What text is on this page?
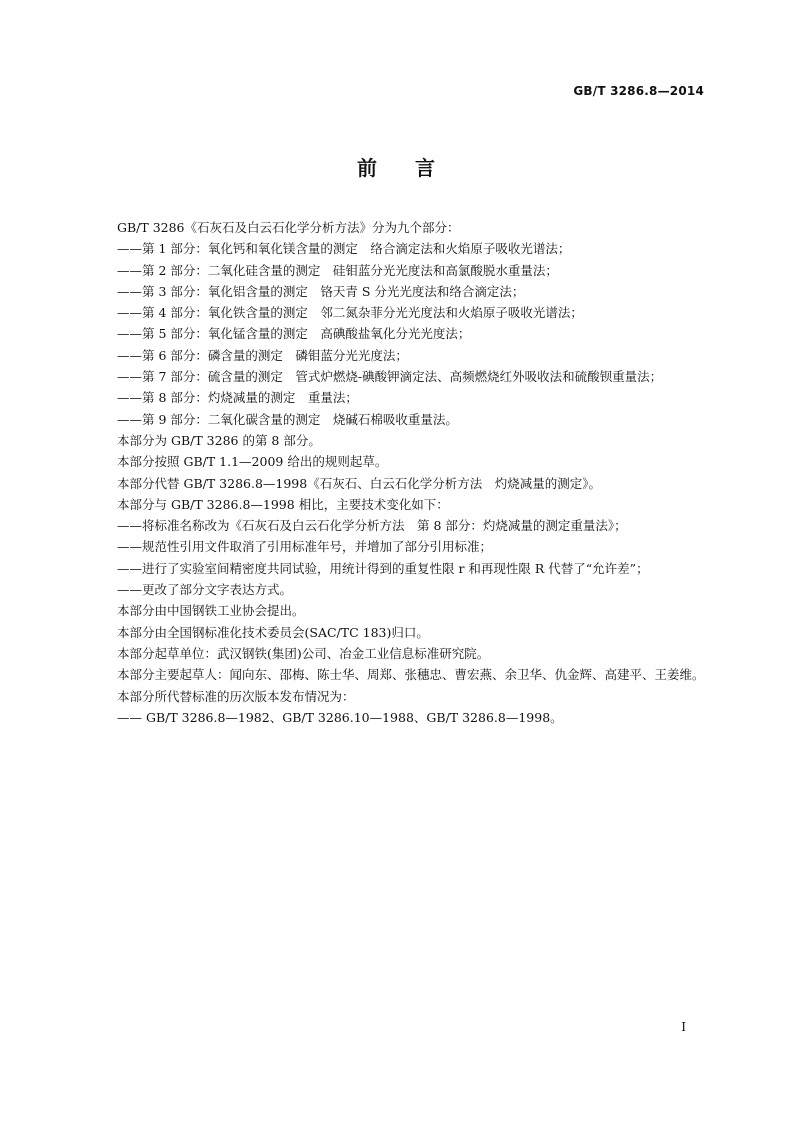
GB/T 3286.8—2014
前 言
GB/T 3286《石灰石及白云石化学分析方法》分为九个部分：
——第 1 部分：氧化钙和氧化镁含量的测定　络合滴定法和火焰原子吸收光谱法；
——第 2 部分：二氧化硅含量的测定　硅钼蓝分光光度法和高氯酸脱水重量法；
——第 3 部分：氧化铝含量的测定　铬天青 S 分光光度法和络合滴定法；
——第 4 部分：氧化铁含量的测定　邻二氮杂菲分光光度法和火焰原子吸收光谱法；
——第 5 部分：氧化锰含量的测定　高碘酸盐氧化分光光度法；
——第 6 部分：磷含量的测定　磷钼蓝分光光度法；
——第 7 部分：硫含量的测定　管式炉燃烧-碘酸钾滴定法、高频燃烧红外吸收法和硫酸钡重量法；
——第 8 部分：灼烧减量的测定　重量法；
——第 9 部分：二氧化碳含量的测定　烧碱石棉吸收重量法。
本部分为 GB/T 3286 的第 8 部分。
本部分按照 GB/T 1.1—2009 给出的规则起草。
本部分代替 GB/T 3286.8—1998《石灰石、白云石化学分析方法　灼烧减量的测定》。
本部分与 GB/T 3286.8—1998 相比，主要技术变化如下：
——将标准名称改为《石灰石及白云石化学分析方法　第 8 部分：灼烧减量的测定重量法》；
——规范性引用文件取消了引用标准年号，并增加了部分引用标准；
——进行了实验室间精密度共同试验，用统计得到的重复性限 r 和再现性限 R 代替了“允许差”；
——更改了部分文字表达方式。
本部分由中国钢铁工业协会提出。
本部分由全国钢标准化技术委员会(SAC/TC 183)归口。
本部分起草单位：武汉钢铁(集团)公司、冶金工业信息标准研究院。
本部分主要起草人：闻向东、邵梅、陈士华、周郑、张穗忠、曹宏燕、余卫华、仇金辉、高建平、王姜维。
本部分所代替标准的历次版本发布情况为：
—— GB/T 3286.8—1982、GB/T 3286.10—1988、GB/T 3286.8—1998。
I
